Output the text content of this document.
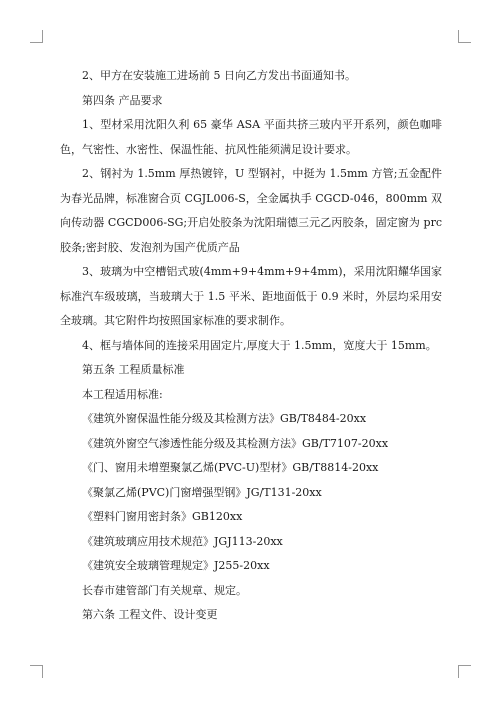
2、甲方在安装施工进场前 5 日向乙方发出书面通知书。

第四条 产品要求

1、型材采用沈阳久利 65 豪华 ASA 平面共挤三玻内平开系列，颜色咖啡色，气密性、水密性、保温性能、抗风性能须满足设计要求。

2、钢衬为 1.5mm 厚热镀锌，U 型钢衬，中挺为 1.5mm 方管;五金配件为春光品牌，标准窗合页 CGJL006-S，全金属执手 CGCD-046，800mm 双向传动器 CGCD006-SG;开启处胶条为沈阳瑞德三元乙丙胶条，固定窗为 prc 胶条;密封胶、发泡剂为国产优质产品

3、玻璃为中空槽铝式玻(4mm+9+4mm+9+4mm)，采用沈阳耀华国家标准汽车级玻璃，当玻璃大于 1.5 平米、距地面低于 0.9 米时，外层均采用安全玻璃。其它附件均按照国家标准的要求制作。

4、框与墙体间的连接采用固定片,厚度大于 1.5mm，宽度大于 15mm。

第五条 工程质量标准

本工程适用标准:

《建筑外窗保温性能分级及其检测方法》GB/T8484-20xx

《建筑外窗空气渗透性能分级及其检测方法》GB/T7107-20xx

《门、窗用未增塑聚氯乙烯(PVC-U)型材》GB/T8814-20xx

《聚氯乙烯(PVC)门窗增强型钢》JG/T131-20xx

《塑料门窗用密封条》GB120xx

《建筑玻璃应用技术规范》JGJ113-20xx

《建筑安全玻璃管理规定》J255-20xx

长春市建管部门有关规章、规定。

第六条 工程文件、设计变更
